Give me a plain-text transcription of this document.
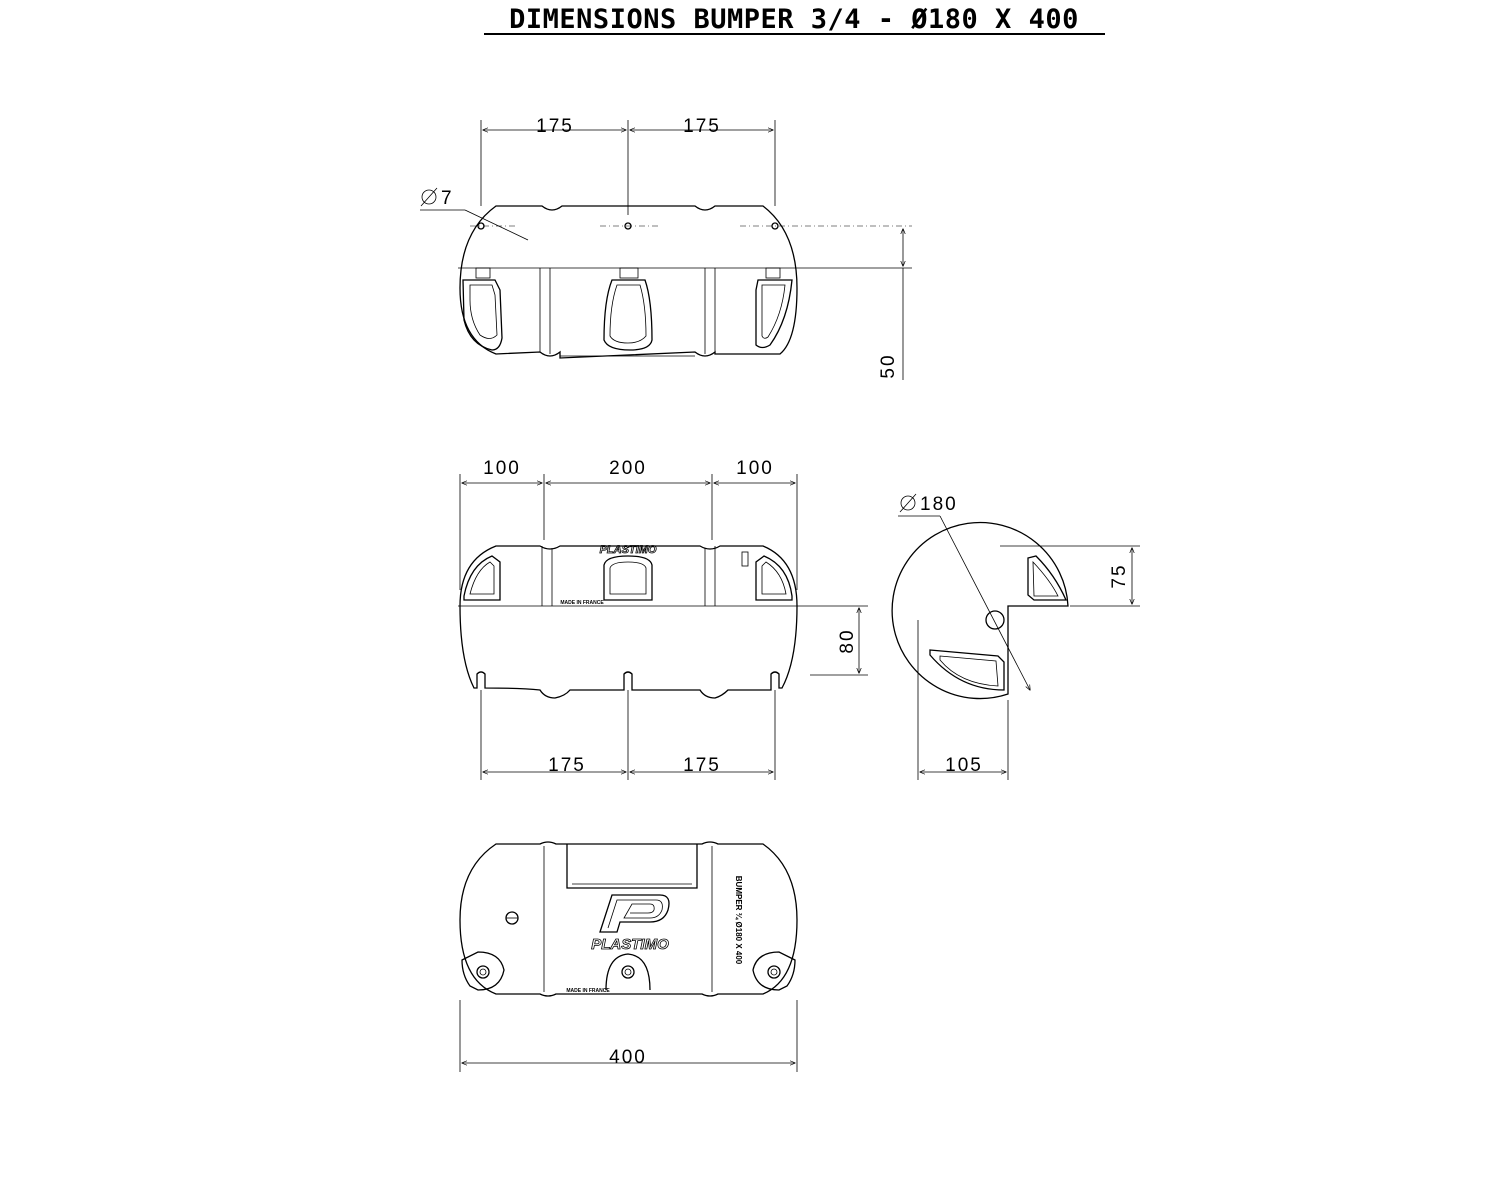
DIMENSIONS BUMPER 3/4 - Ø180 X 400
175	175
7
50
PLASTIMO
MADE IN FRANCE
100	200	100
175	175
80
180
75
105
PLASTIMO	BUMPER ¾ Ø180 X 400
MADE IN FRANCE
400
